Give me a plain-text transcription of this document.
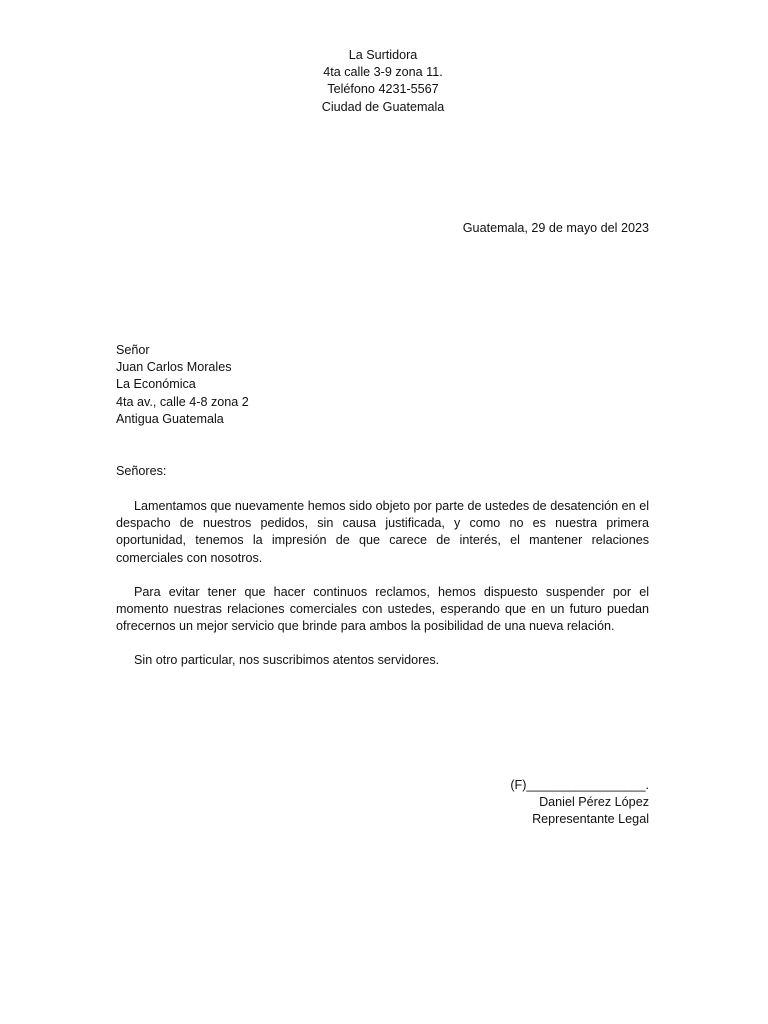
La Surtidora
4ta calle 3-9 zona 11.
Teléfono 4231-5567
Ciudad de Guatemala
Guatemala, 29 de mayo del 2023
Señor
Juan Carlos Morales
La Económica
4ta av., calle 4-8 zona 2
Antigua Guatemala
Señores:

Lamentamos que nuevamente hemos sido objeto por parte de ustedes de desatención en el despacho de nuestros pedidos, sin causa justificada, y como no es nuestra primera oportunidad, tenemos la impresión de que carece de interés, el mantener relaciones comerciales con nosotros.

Para evitar tener que hacer continuos reclamos, hemos dispuesto suspender por el momento nuestras relaciones comerciales con ustedes, esperando que en un futuro puedan ofrecernos un mejor servicio que brinde para ambos la posibilidad de una nueva relación.

Sin otro particular, nos suscribimos atentos servidores.

(F)_________________.
Daniel Pérez López
Representante Legal
